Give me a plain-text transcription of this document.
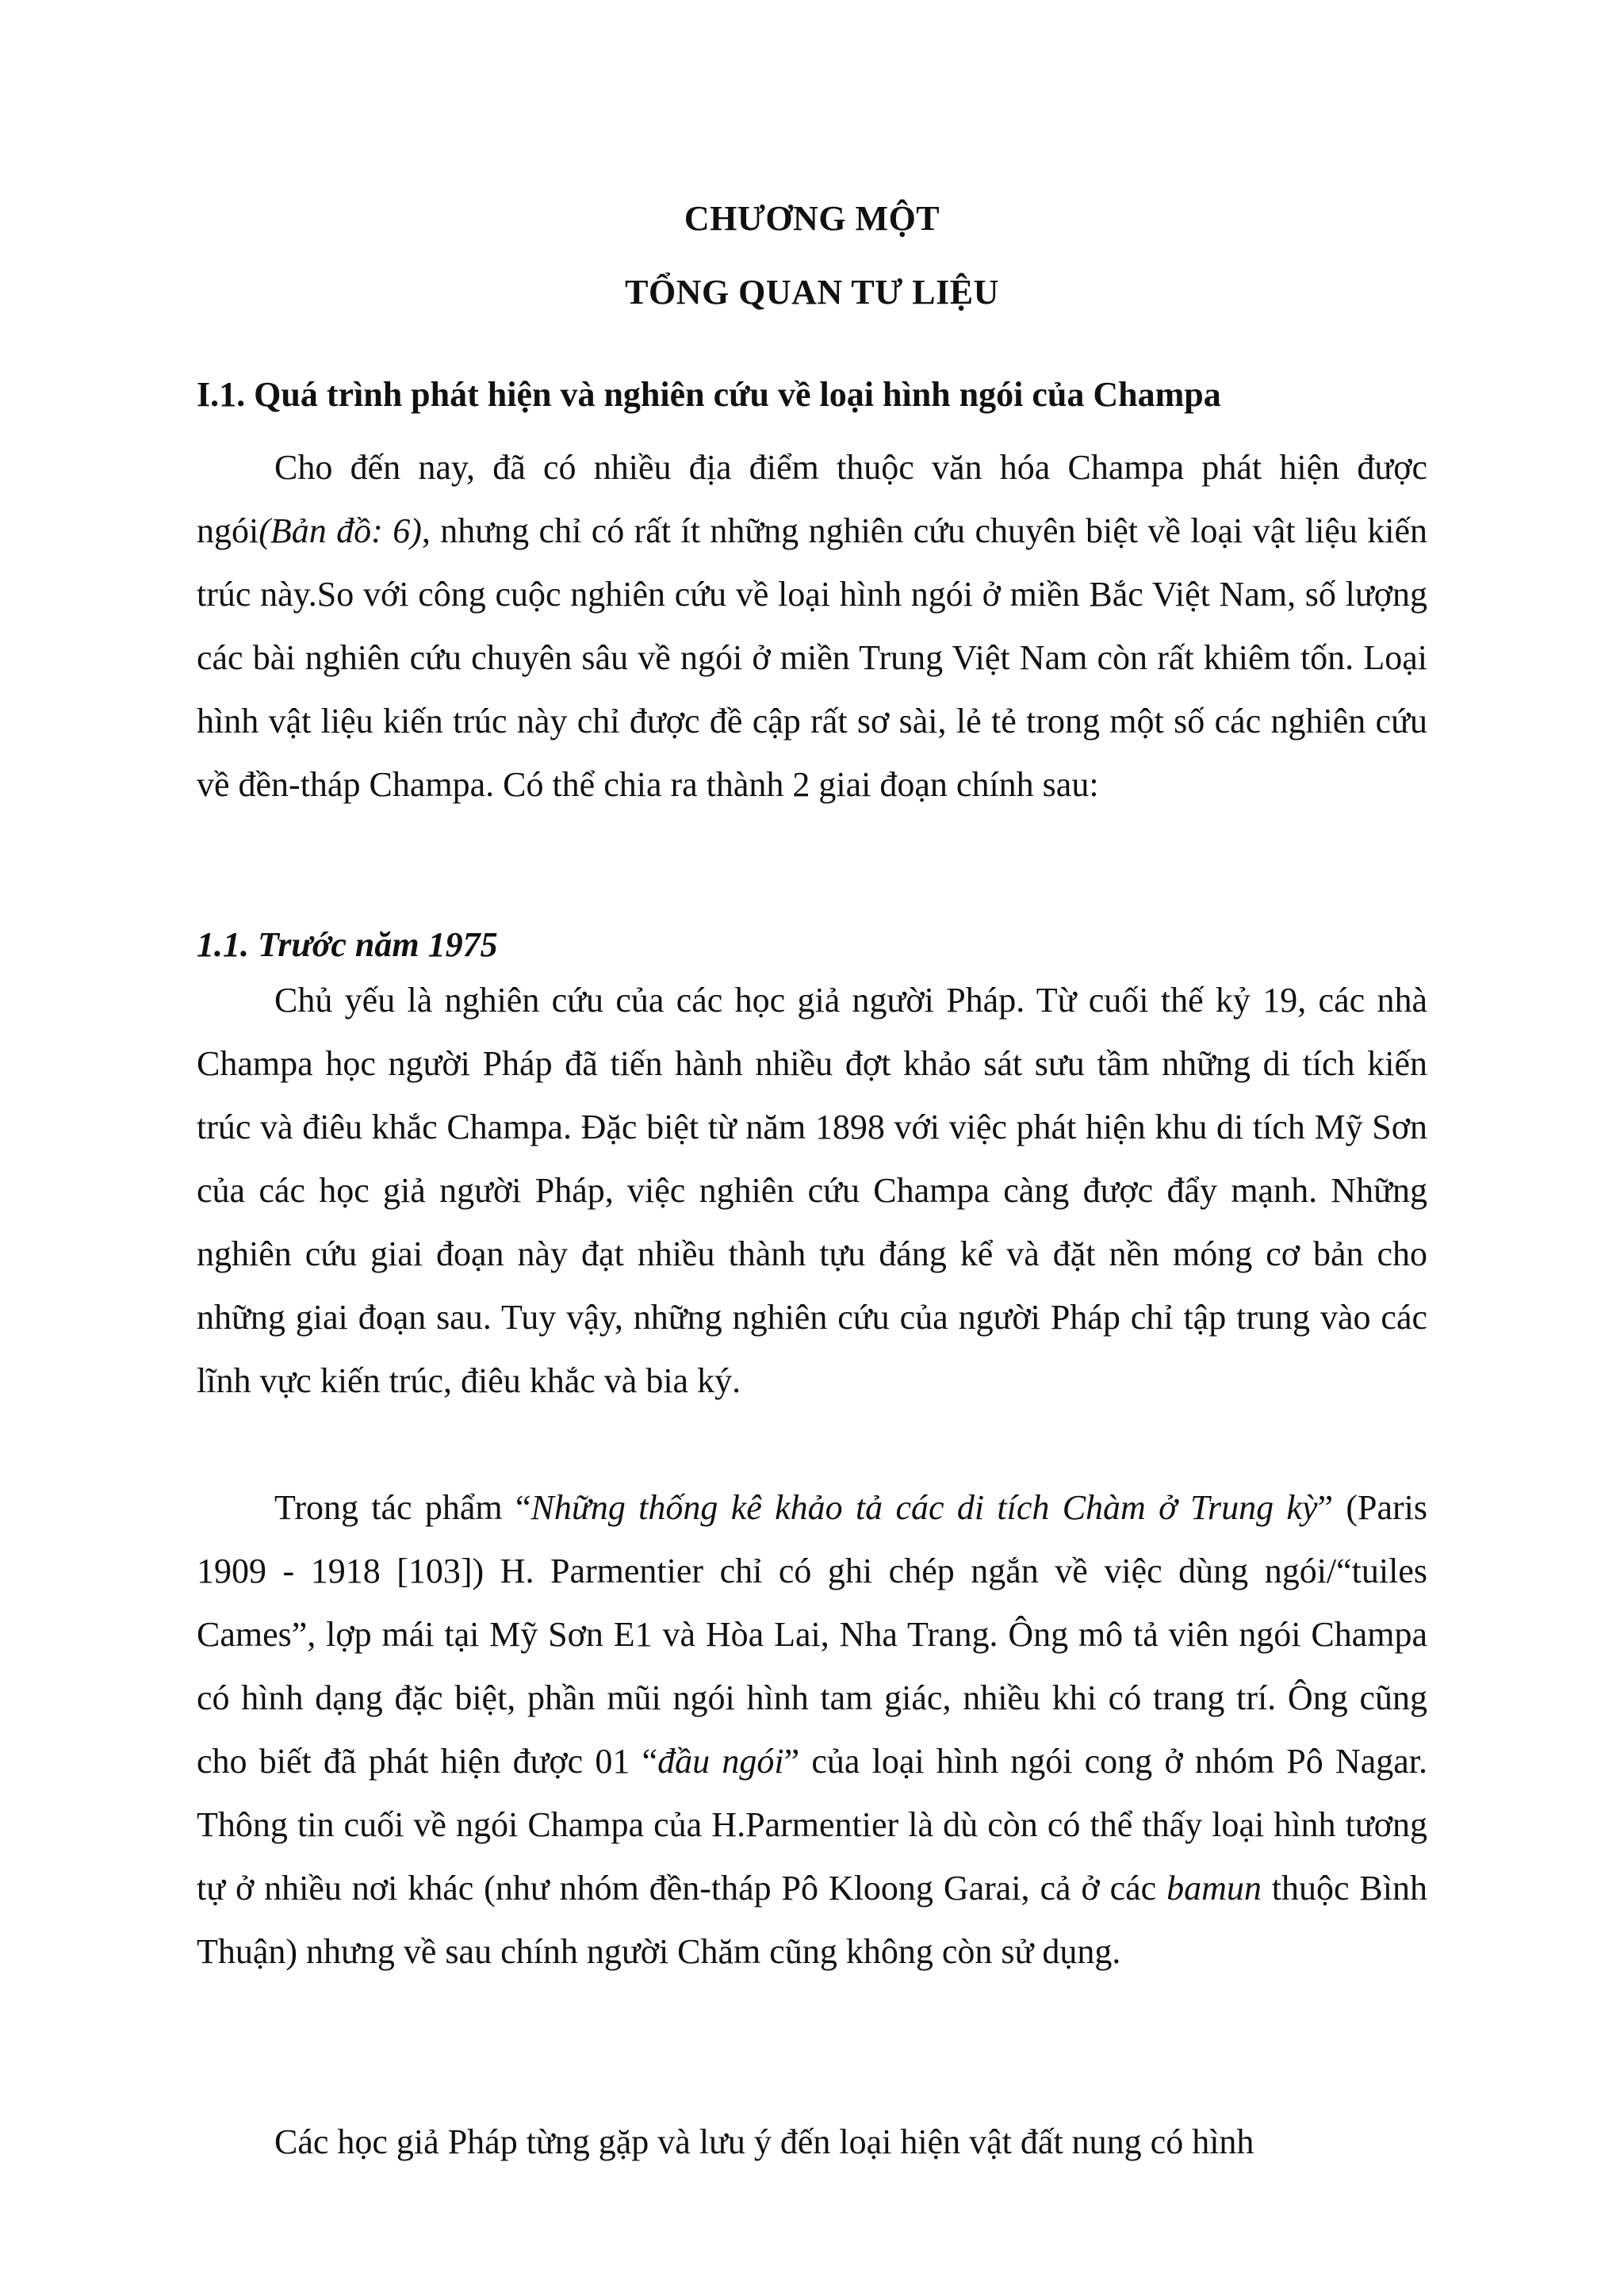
CHƯƠNG MỘT
TỔNG QUAN TƯ LIỆU
I.1. Quá trình phát hiện và nghiên cứu về loại hình ngói của Champa

Cho đến nay, đã có nhiều địa điểm thuộc văn hóa Champa phát hiện được ngói(Bản đồ: 6), nhưng chỉ có rất ít những nghiên cứu chuyên biệt về loại vật liệu kiến trúc này.So với công cuộc nghiên cứu về loại hình ngói ở miền Bắc Việt Nam, số lượng các bài nghiên cứu chuyên sâu về ngói ở miền Trung Việt Nam còn rất khiêm tốn. Loại hình vật liệu kiến trúc này chỉ được đề cập rất sơ sài, lẻ tẻ trong một số các nghiên cứu về đền-tháp Champa. Có thể chia ra thành 2 giai đoạn chính sau:

1.1. Trước năm 1975

Chủ yếu là nghiên cứu của các học giả người Pháp. Từ cuối thế kỷ 19, các nhà Champa học người Pháp đã tiến hành nhiều đợt khảo sát sưu tầm những di tích kiến trúc và điêu khắc Champa. Đặc biệt từ năm 1898 với việc phát hiện khu di tích Mỹ Sơn của các học giả người Pháp, việc nghiên cứu Champa càng được đẩy mạnh. Những nghiên cứu giai đoạn này đạt nhiều thành tựu đáng kể và đặt nền móng cơ bản cho những giai đoạn sau. Tuy vậy, những nghiên cứu của người Pháp chỉ tập trung vào các lĩnh vực kiến trúc, điêu khắc và bia ký.

Trong tác phẩm “Những thống kê khảo tả các di tích Chàm ở Trung kỳ” (Paris 1909 - 1918 [103]) H. Parmentier chỉ có ghi chép ngắn về việc dùng ngói/“tuiles Cames”, lợp mái tại Mỹ Sơn E1 và Hòa Lai, Nha Trang. Ông mô tả viên ngói Champa có hình dạng đặc biệt, phần mũi ngói hình tam giác, nhiều khi có trang trí. Ông cũng cho biết đã phát hiện được 01 “đầu ngói” của loại hình ngói cong ở nhóm Pô Nagar. Thông tin cuối về ngói Champa của H.Parmentier là dù còn có thể thấy loại hình tương tự ở nhiều nơi khác (như nhóm đền-tháp Pô Kloong Garai, cả ở các bamun thuộc Bình Thuận) nhưng về sau chính người Chăm cũng không còn sử dụng.

Các học giả Pháp từng gặp và lưu ý đến loại hiện vật đất nung có hình
